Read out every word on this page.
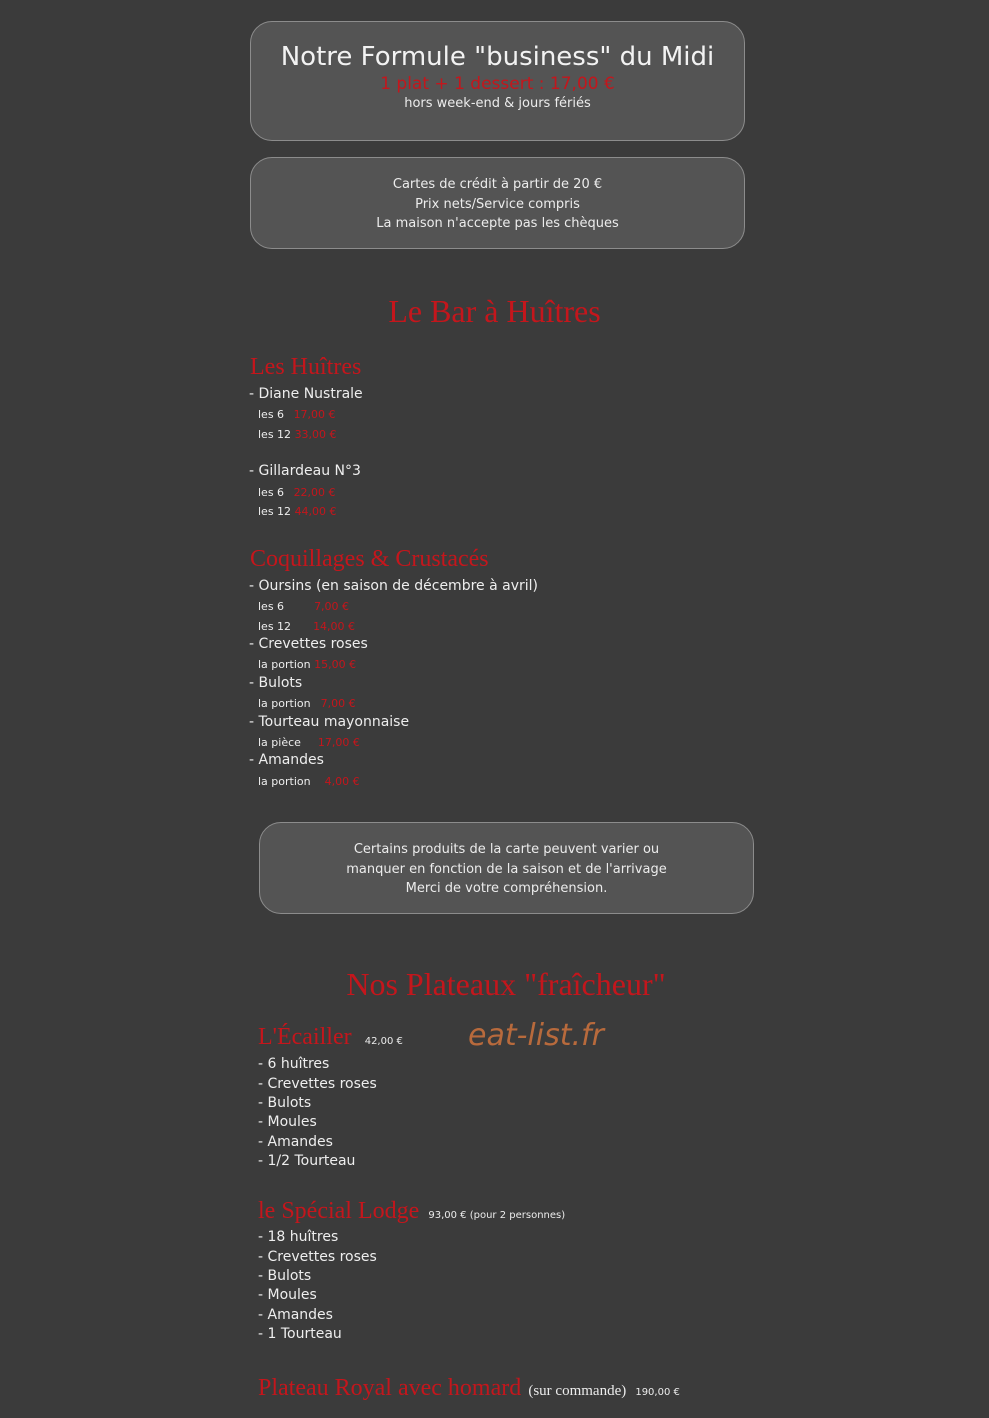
Notre Formule "business" du Midi
1 plat + 1 dessert : 17,00 €
hors week-end & jours fériés
Cartes de crédit à partir de 20 €
Prix nets/Service compris
La maison n'accepte pas les chèques
Le Bar à Huîtres
Les Huîtres
- Diane Nustrale
les 6 17,00 €
les 12 33,00 €
- Gillardeau N°3
les 6 22,00 €
les 12 44,00 €
Coquillages & Crustacés
- Oursins (en saison de décembre à avril)
les 6	7,00 €
les 12 14,00 €
- Crevettes roses
la portion 15,00 €
- Bulots
la portion 7,00 €
- Tourteau mayonnaise
la pièce 17,00 €
- Amandes
la portion 4,00 €
Certains produits de la carte peuvent varier ou
manquer en fonction de la saison et de l'arrivage
Merci de votre compréhension.
Nos Plateaux "fraîcheur"
L'Écailler 42,00 € eat-list.fr
- 6 huîtres
- Crevettes roses
- Bulots
- Moules
- Amandes
- 1/2 Tourteau
le Spécial Lodge 93,00 € (pour 2 personnes)
- 18 huîtres
- Crevettes roses
- Bulots
- Moules
- Amandes
- 1 Tourteau
Plateau Royal avec homard (sur commande) 190,00 €
